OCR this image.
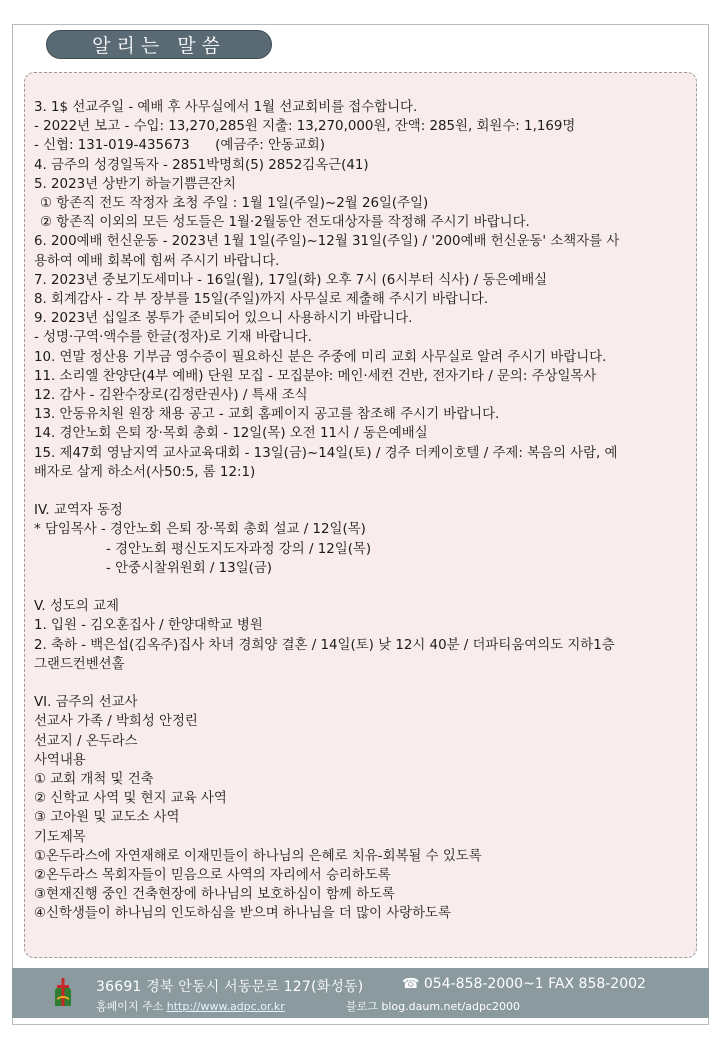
알리는 말씀
3. 1$ 선교주일 - 예배 후 사무실에서 1월 선교회비를 접수합니다.
- 2022년 보고 - 수입: 13,270,285원 지출: 13,270,000원, 잔액: 285원, 회원수: 1,169명
- 신협: 131-019-435673      (예금주: 안동교회)
4. 금주의 성경일독자 - 2851박명희(5) 2852김옥근(41)
5. 2023년 상반기 하늘기쁨큰잔치
① 항존직 전도 작정자 초청 주일 : 1월 1일(주일)~2월 26일(주일)
② 항존직 이외의 모든 성도들은 1월·2월동안 전도대상자를 작정해 주시기 바랍니다.
6. 200예배 헌신운동 - 2023년 1월 1일(주일)~12월 31일(주일) / '200예배 헌신운동' 소책자를 사
용하여 예배 회복에 힘써 주시기 바랍니다.
7. 2023년 중보기도세미나 - 16일(월), 17일(화) 오후 7시 (6시부터 식사) / 동은예배실
8. 회계감사 - 각 부 장부를 15일(주일)까지 사무실로 제출해 주시기 바랍니다.
9. 2023년 십일조 봉투가 준비되어 있으니 사용하시기 바랍니다.
- 성명·구역·액수를 한글(정자)로 기재 바랍니다.
10. 연말 정산용 기부금 영수증이 필요하신 분은 주중에 미리 교회 사무실로 알려 주시기 바랍니다.
11. 소리엘 찬양단(4부 예배) 단원 모집 - 모집분야: 메인·세컨 건반, 전자기타 / 문의: 주상일목사
12. 감사 - 김완수장로(김정란권사) / 특새 조식
13. 안동유치원 원장 채용 공고 - 교회 홈페이지 공고를 참조해 주시기 바랍니다.
14. 경안노회 은퇴 장·목회 총회 - 12일(목) 오전 11시 / 동은예배실
15. 제47회 영남지역 교사교육대회 - 13일(금)~14일(토) / 경주 더케이호텔 / 주제: 복음의 사람, 예
배자로 살게 하소서(사50:5, 롬 12:1)
IV. 교역자 동정
* 담임목사 - 경안노회 은퇴 장·목회 총회 설교 / 12일(목)
- 경안노회 평신도지도자과정 강의 / 12일(목)
- 안중시찰위원회 / 13일(금)
V. 성도의 교제
1. 입원 - 김오훈집사 / 한양대학교 병원
2. 축하 - 백은섭(김옥주)집사 차녀 경희양 결혼 / 14일(토) 낮 12시 40분 / 더파티움여의도 지하1층
그랜드컨벤션홀
VI. 금주의 선교사
선교사 가족 / 박희성 안정린
선교지 / 온두라스
사역내용
① 교회 개척 및 건축
② 신학교 사역 및 현지 교육 사역
③ 고아원 및 교도소 사역
기도제목
①온두라스에 자연재해로 이재민들이 하나님의 은혜로 치유-회복될 수 있도록
②온두라스 목회자들이 믿음으로 사역의 자리에서 승리하도록
③현재진행 중인 건축현장에 하나님의 보호하심이 함께 하도록
④신학생들이 하나님의 인도하심을 받으며 하나님을 더 많이 사랑하도록
36691 경북 안동시 서동문로 127(화성동)	☎ 054-858-2000~1 FAX 858-2002
홈페이지 주소 http://www.adpc.or.kr	블로그 blog.daum.net/adpc2000
